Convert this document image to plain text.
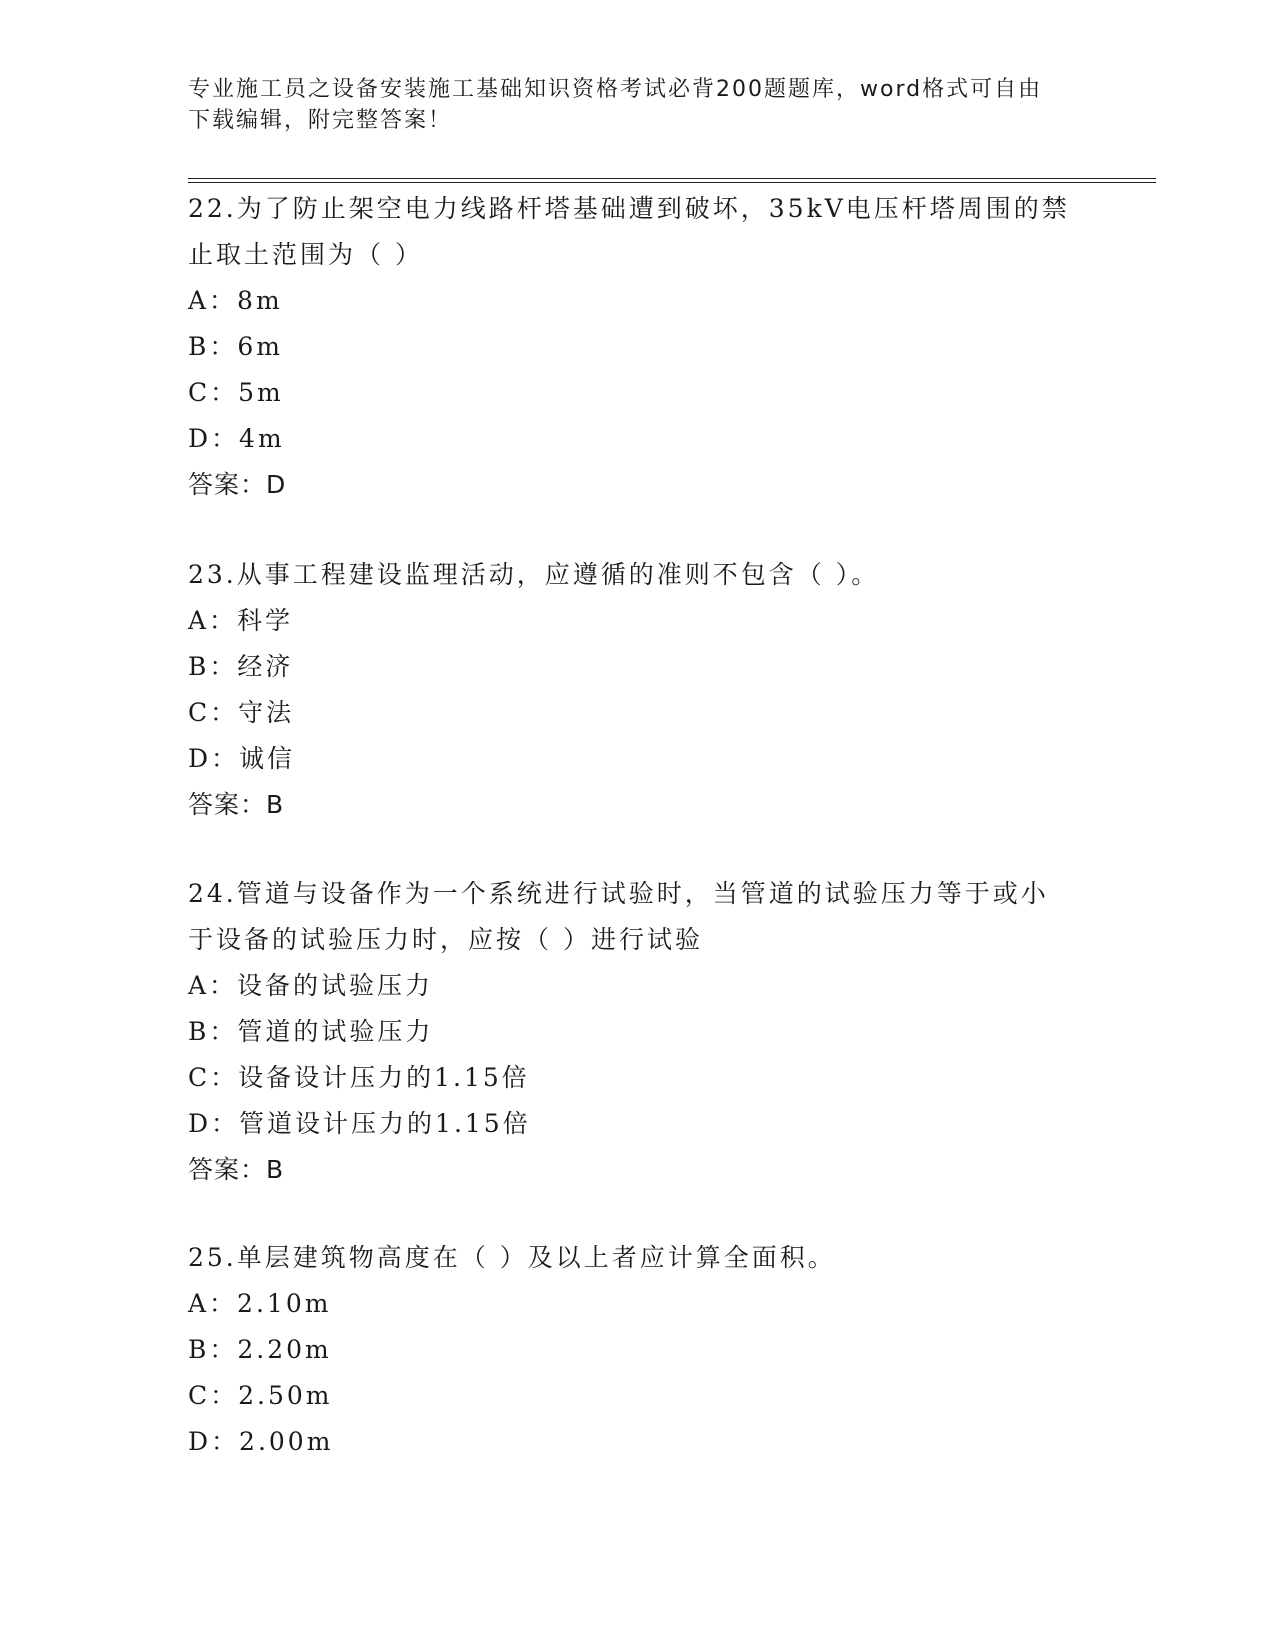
专业施工员之设备安装施工基础知识资格考试必背200题题库，word格式可自由
下载编辑，附完整答案！
22.为了防止架空电力线路杆塔基础遭到破坏，35kV电压杆塔周围的禁
止取土范围为（ ）
A：8m
B：6m
C：5m
D：4m
答案：D
23.从事工程建设监理活动，应遵循的准则不包含（ ）。
A：科学
B：经济
C：守法
D：诚信
答案：B
24.管道与设备作为一个系统进行试验时，当管道的试验压力等于或小
于设备的试验压力时，应按（ ）进行试验
A：设备的试验压力
B：管道的试验压力
C：设备设计压力的1.15倍
D：管道设计压力的1.15倍
答案：B
25.单层建筑物高度在（ ）及以上者应计算全面积。
A：2.10m
B：2.20m
C：2.50m
D：2.00m
